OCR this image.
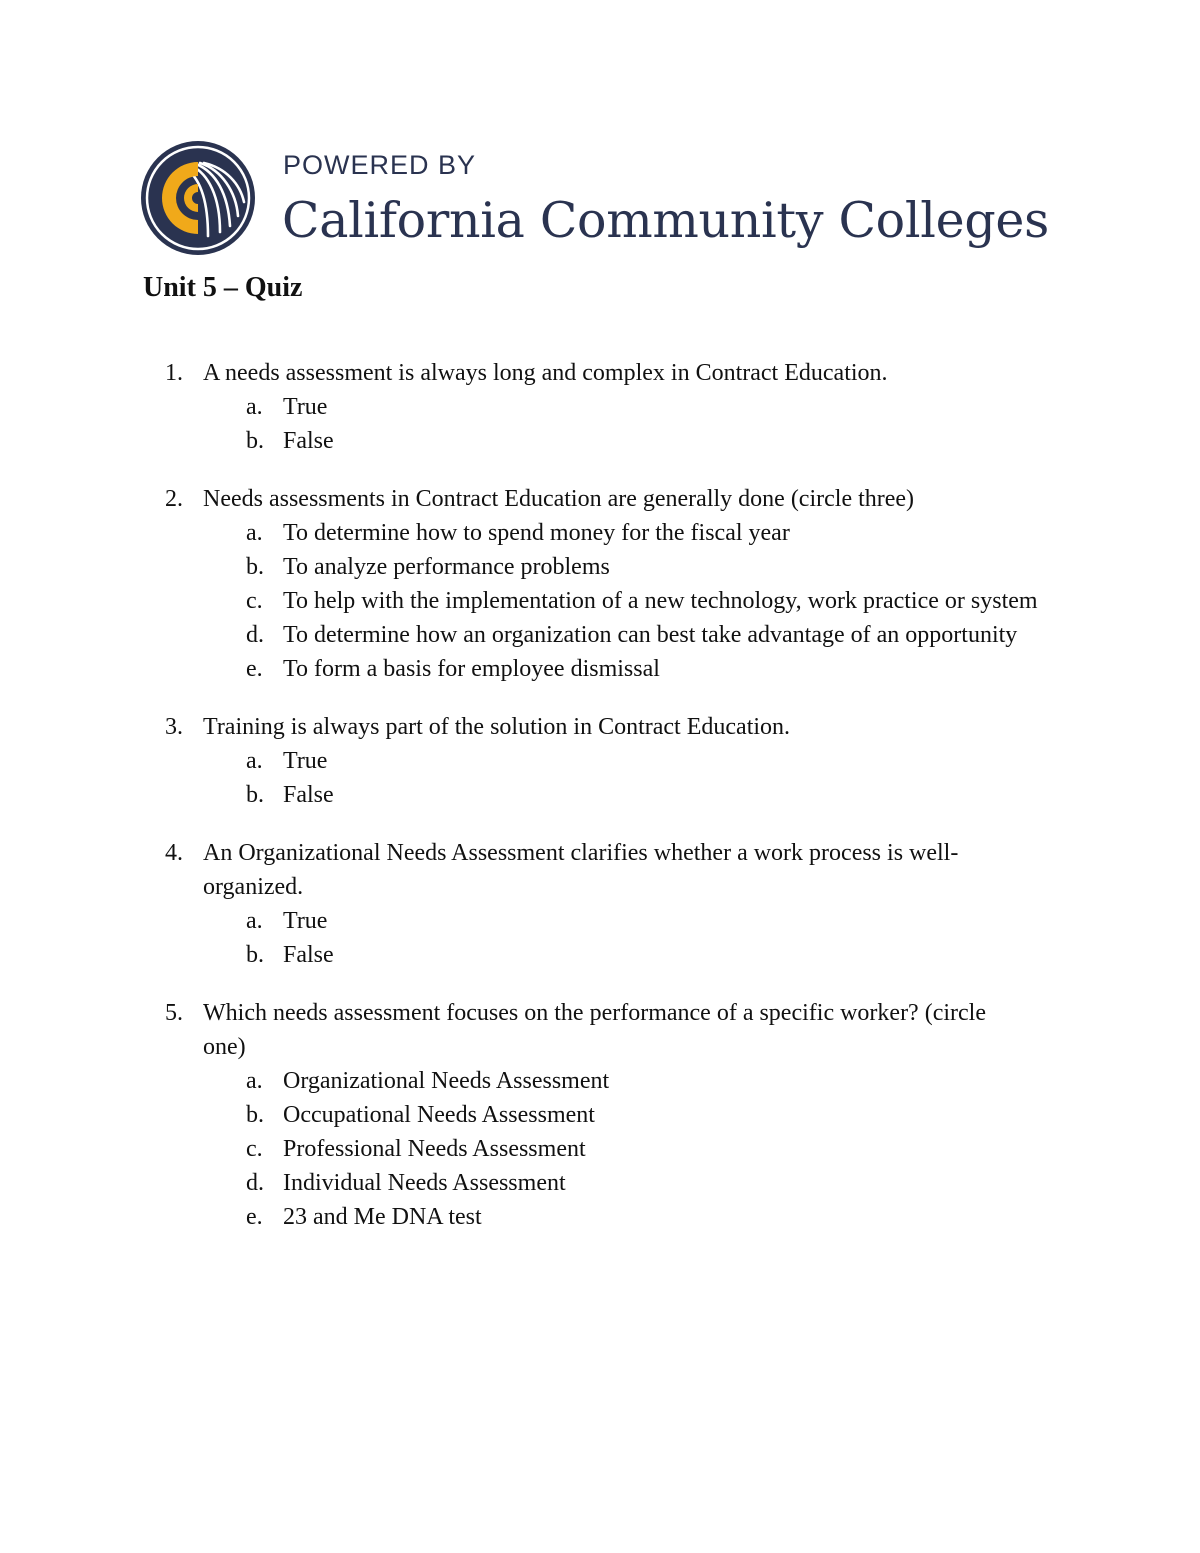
POWERED BY
California Community Colleges
Unit 5 – Quiz
1. A needs assessment is always long and complex in Contract Education.
a. True
b. False
2. Needs assessments in Contract Education are generally done (circle three)
a. To determine how to spend money for the fiscal year
b. To analyze performance problems
c. To help with the implementation of a new technology, work practice or system
d. To determine how an organization can best take advantage of an opportunity
e. To form a basis for employee dismissal
3. Training is always part of the solution in Contract Education.
a. True
b. False
4. An Organizational Needs Assessment clarifies whether a work process is well-organized.
a. True
b. False
5. Which needs assessment focuses on the performance of a specific worker? (circle one)
a. Organizational Needs Assessment
b. Occupational Needs Assessment
c. Professional Needs Assessment
d. Individual Needs Assessment
e. 23 and Me DNA test
